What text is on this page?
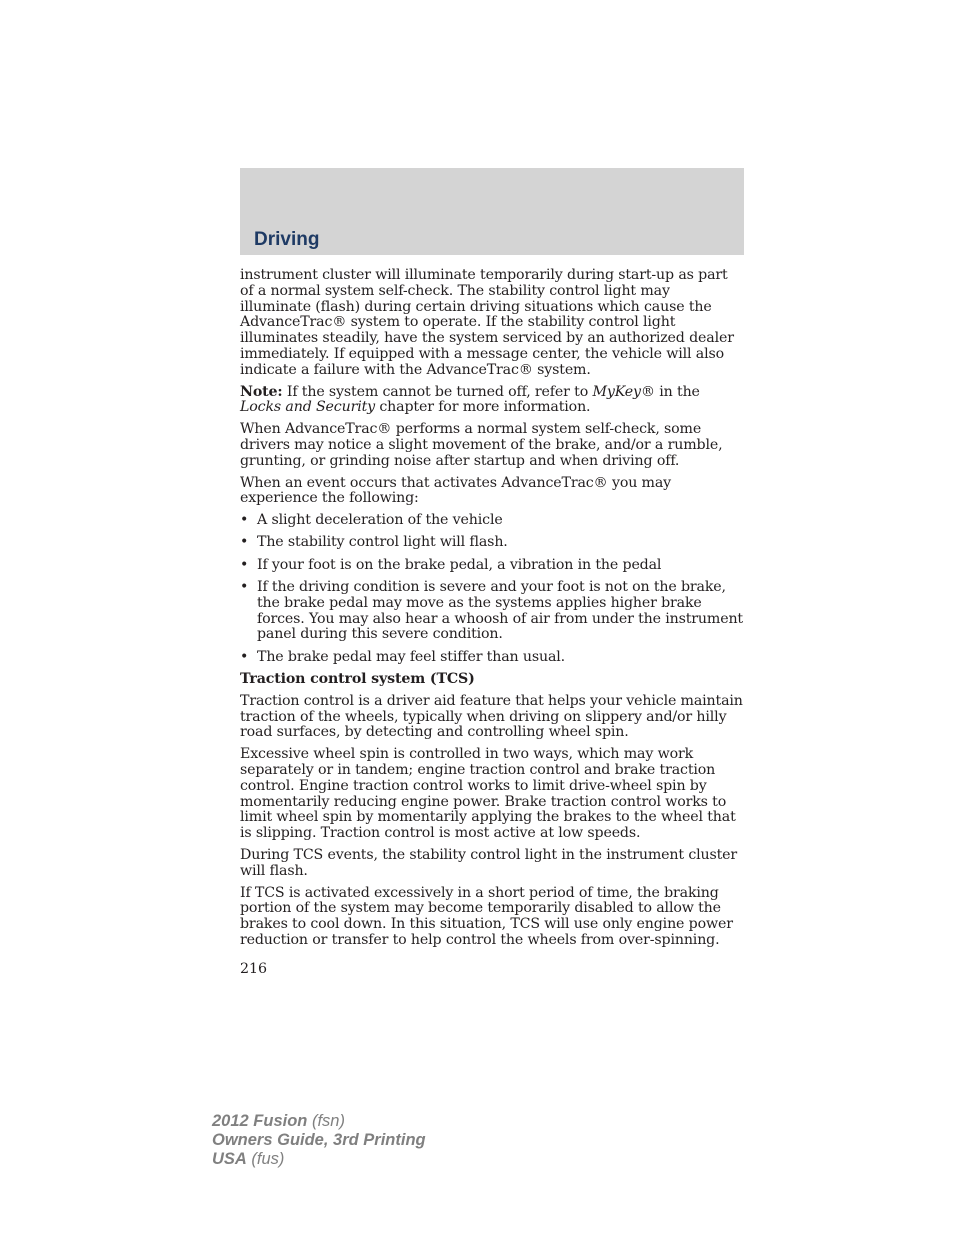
Driving

instrument cluster will illuminate temporarily during start-up as part of a normal system self-check. The stability control light may illuminate (flash) during certain driving situations which cause the AdvanceTrac® system to operate. If the stability control light illuminates steadily, have the system serviced by an authorized dealer immediately. If equipped with a message center, the vehicle will also indicate a failure with the AdvanceTrac® system.

Note: If the system cannot be turned off, refer to MyKey® in the Locks and Security chapter for more information.

When AdvanceTrac® performs a normal system self-check, some drivers may notice a slight movement of the brake, and/or a rumble, grunting, or grinding noise after startup and when driving off.

When an event occurs that activates AdvanceTrac® you may experience the following:

• A slight deceleration of the vehicle
• The stability control light will flash.
• If your foot is on the brake pedal, a vibration in the pedal
• If the driving condition is severe and your foot is not on the brake, the brake pedal may move as the systems applies higher brake forces. You may also hear a whoosh of air from under the instrument panel during this severe condition.
• The brake pedal may feel stiffer than usual.

Traction control system (TCS)

Traction control is a driver aid feature that helps your vehicle maintain traction of the wheels, typically when driving on slippery and/or hilly road surfaces, by detecting and controlling wheel spin.

Excessive wheel spin is controlled in two ways, which may work separately or in tandem; engine traction control and brake traction control. Engine traction control works to limit drive-wheel spin by momentarily reducing engine power. Brake traction control works to limit wheel spin by momentarily applying the brakes to the wheel that is slipping. Traction control is most active at low speeds.

During TCS events, the stability control light in the instrument cluster will flash.

If TCS is activated excessively in a short period of time, the braking portion of the system may become temporarily disabled to allow the brakes to cool down. In this situation, TCS will use only engine power reduction or transfer to help control the wheels from over-spinning.

216
2012 Fusion (fsn)
Owners Guide, 3rd Printing
USA (fus)
